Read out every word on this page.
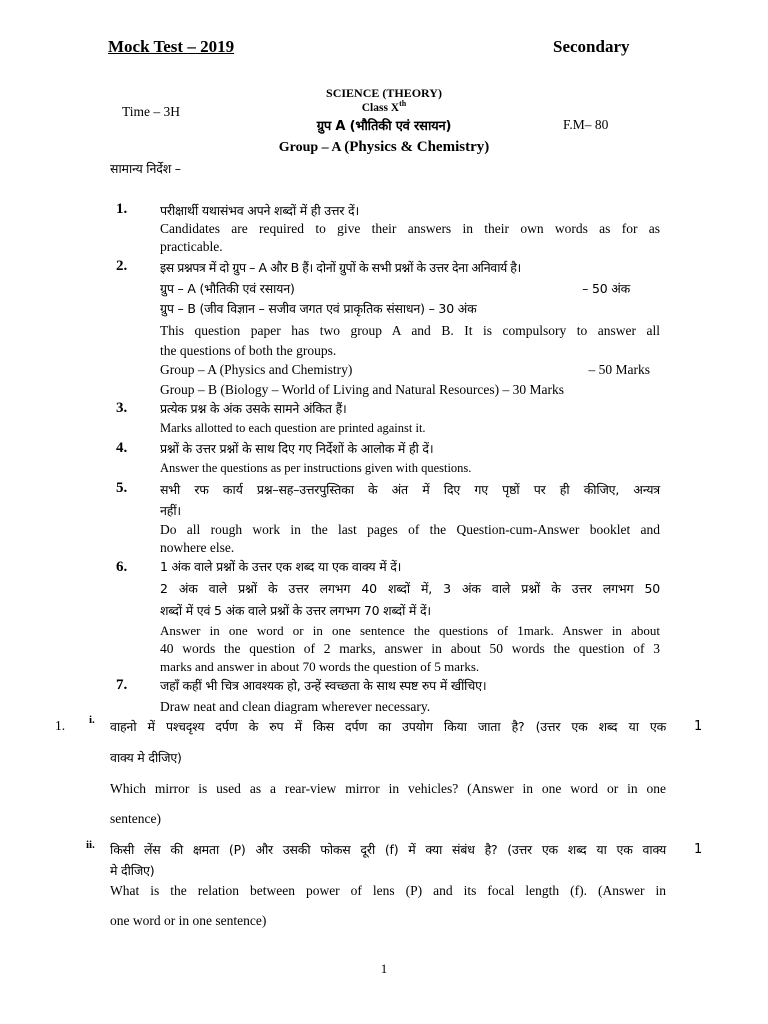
Mock Test – 2019	Secondary
SCIENCE (THEORY)
Class Xth
Time – 3H
ग्रुप A (भौतिकी एवं रसायन)	F.M– 80
Group – A (Physics & Chemistry)
सामान्य निर्देश –
1.	परीक्षार्थी यथासंभव अपने शब्दों में ही उत्तर दें।
Candidates are required to give their answers in their own words as for as
practicable.
2.	इस प्रश्नपत्र में दो ग्रुप – A और B हैं। दोनों ग्रुपों के सभी प्रश्नों के उत्तर देना अनिवार्य है।
ग्रुप – A (भौतिकी एवं रसायन)	– 50 अंक
ग्रुप – B (जीव विज्ञान – सजीव जगत एवं प्राकृतिक संसाधन) – 30 अंक
This question paper has two group A and B. It is compulsory to answer all
the questions of both the groups.
Group – A (Physics and Chemistry)	– 50 Marks
Group – B (Biology – World of Living and Natural Resources) – 30 Marks
3.	प्रत्येक प्रश्न के अंक उसके सामने अंकित हैं।
Marks allotted to each question are printed against it.
4.	प्रश्नों के उत्तर प्रश्नों के साथ दिए गए निर्देशों के आलोक में ही दें।
Answer the questions as per instructions given with questions.
5.	सभी रफ कार्य प्रश्न–सह–उत्तरपुस्तिका के अंत में दिए गए पृष्ठों पर ही कीजिए, अन्यत्र
नहीं।
Do all rough work in the last pages of the Question-cum-Answer booklet and
nowhere else.
6.	1 अंक वाले प्रश्नों के उत्तर एक शब्द या एक वाक्य में दें।
2 अंक वाले प्रश्नों के उत्तर लगभग 40 शब्दों में, 3 अंक वाले प्रश्नों के उत्तर लगभग 50
शब्दों में एवं 5 अंक वाले प्रश्नों के उत्तर लगभग 70 शब्दों में दें।
Answer in one word or in one sentence the questions of 1mark. Answer in about
40 words the question of 2 marks, answer in about 50 words the question of 3
marks and answer in about 70 words the question of 5 marks.
7.	जहाँ कहीं भी चित्र आवश्यक हो, उन्हें स्वच्छता के साथ स्पष्ट रुप में खींचिए।
Draw neat and clean diagram wherever necessary.
1. i. वाहनो में पश्चदृश्य दर्पण के रुप में किस दर्पण का उपयोग किया जाता है? (उत्तर एक शब्द या एक 1
वाक्य मे दीजिए)
Which mirror is used as a rear-view mirror in vehicles? (Answer in one word or in one
sentence)
ii. किसी लेंस की क्षमता (P) और उसकी फोकस दूरी (f) में क्या संबंध है? (उत्तर एक शब्द या एक वाक्य 1
मे दीजिए)
What is the relation between power of lens (P) and its focal length (f). (Answer in
one word or in one sentence)
1
